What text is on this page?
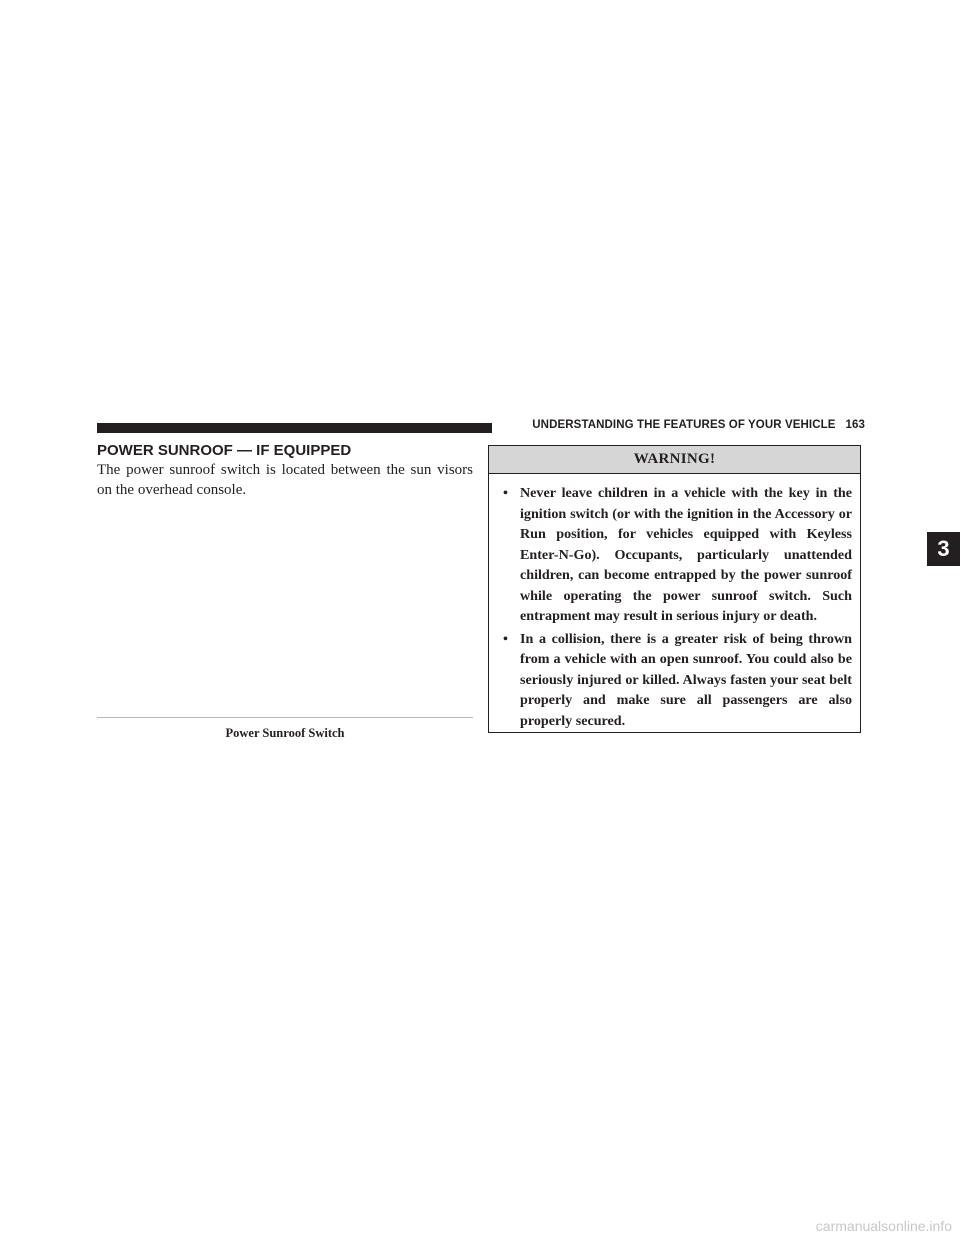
UNDERSTANDING THE FEATURES OF YOUR VEHICLE 163
POWER SUNROOF — IF EQUIPPED
The power sunroof switch is located between the sun visors on the overhead console.
Power Sunroof Switch
WARNING!
• Never leave children in a vehicle with the key in the ignition switch (or with the ignition in the Accessory or Run position, for vehicles equipped with Keyless Enter-N-Go). Occupants, particularly unattended children, can become entrapped by the power sunroof while operating the power sunroof switch. Such entrapment may result in serious injury or death.
• In a collision, there is a greater risk of being thrown from a vehicle with an open sunroof. You could also be seriously injured or killed. Always fasten your seat belt properly and make sure all passengers are also properly secured.
3
carmanualsonline.info
